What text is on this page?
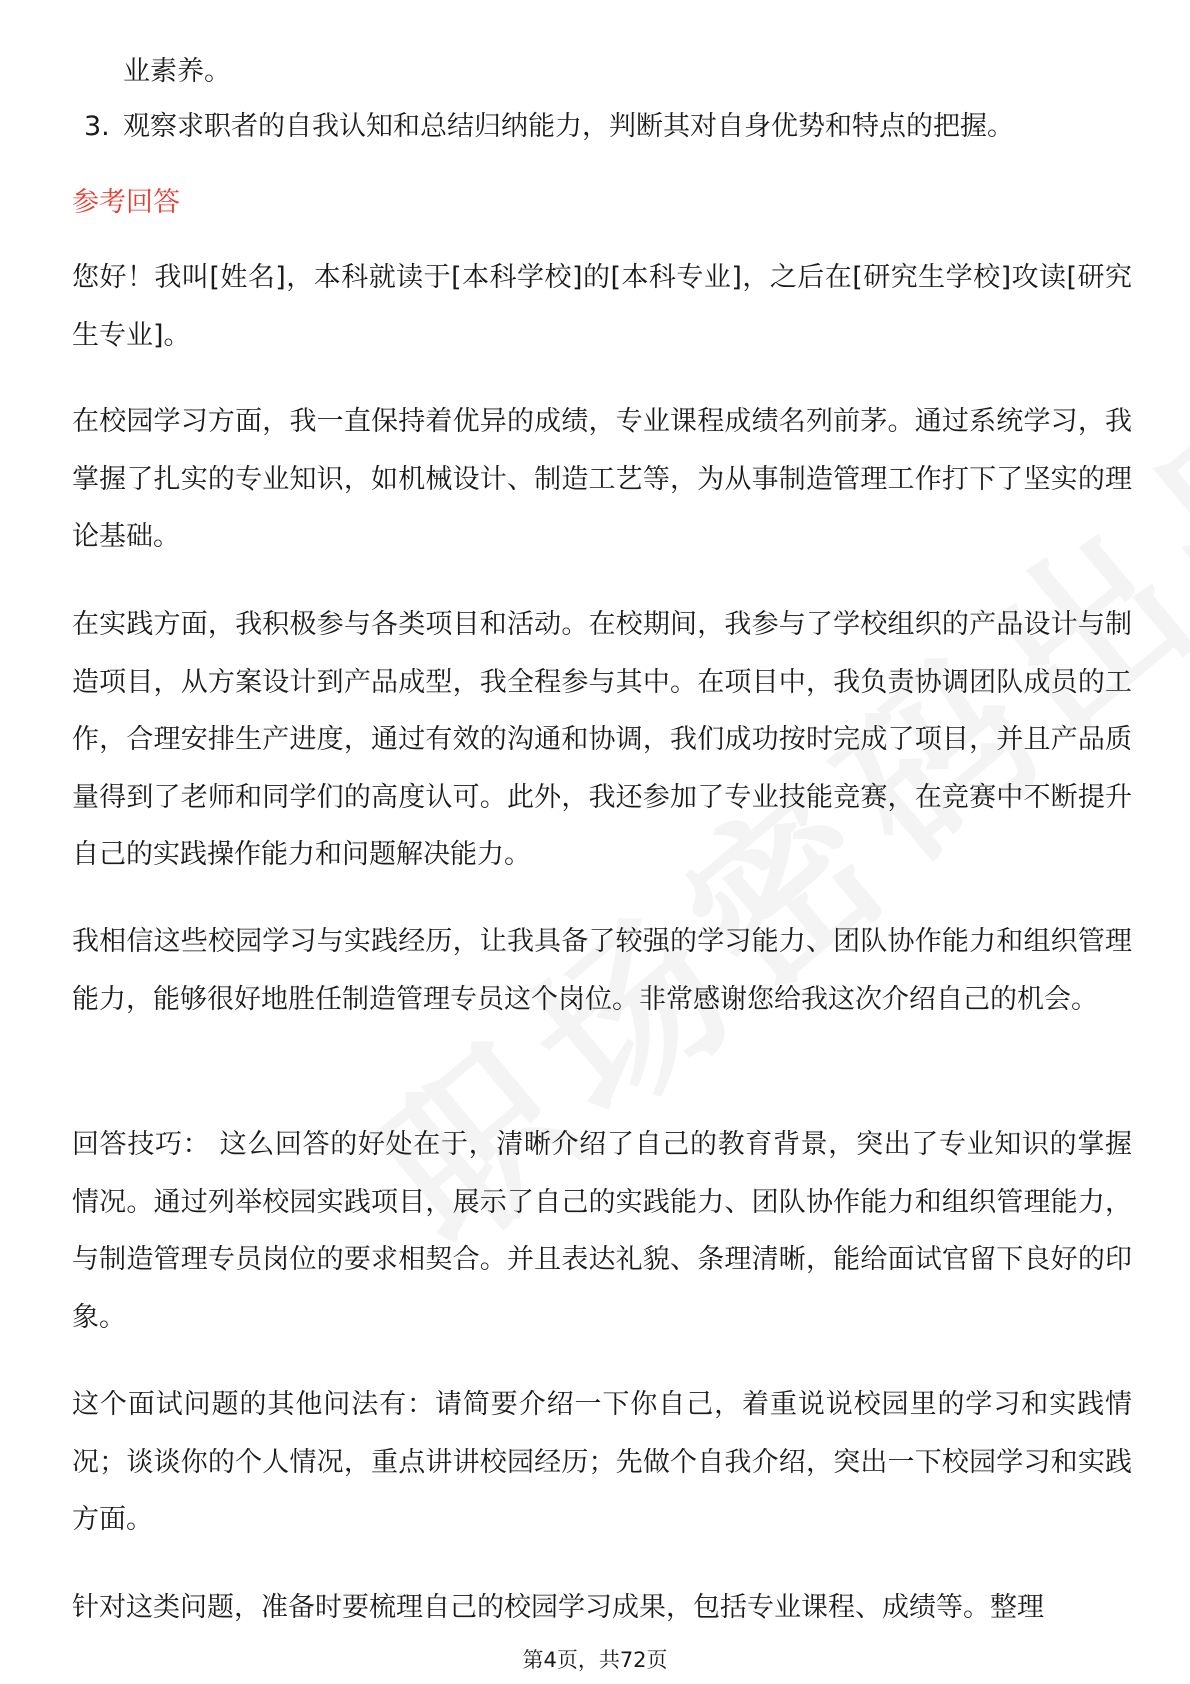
业素养。
3. 观察求职者的自我认知和总结归纳能力，判断其对自身优势和特点的把握。
参考回答
您好！我叫[姓名]，本科就读于[本科学校]的[本科专业]，之后在[研究生学校]攻读[研究生专业]。
在校园学习方面，我一直保持着优异的成绩，专业课程成绩名列前茅。通过系统学习，我掌握了扎实的专业知识，如机械设计、制造工艺等，为从事制造管理工作打下了坚实的理论基础。
在实践方面，我积极参与各类项目和活动。在校期间，我参与了学校组织的产品设计与制造项目，从方案设计到产品成型，我全程参与其中。在项目中，我负责协调团队成员的工作，合理安排生产进度，通过有效的沟通和协调，我们成功按时完成了项目，并且产品质量得到了老师和同学们的高度认可。此外，我还参加了专业技能竞赛，在竞赛中不断提升自己的实践操作能力和问题解决能力。
我相信这些校园学习与实践经历，让我具备了较强的学习能力、团队协作能力和组织管理能力，能够很好地胜任制造管理专员这个岗位。非常感谢您给我这次介绍自己的机会。
回答技巧： 这么回答的好处在于，清晰介绍了自己的教育背景，突出了专业知识的掌握情况。通过列举校园实践项目，展示了自己的实践能力、团队协作能力和组织管理能力，与制造管理专员岗位的要求相契合。并且表达礼貌、条理清晰，能给面试官留下良好的印象。
这个面试问题的其他问法有：请简要介绍一下你自己，着重说说校园里的学习和实践情况；谈谈你的个人情况，重点讲讲校园经历；先做个自我介绍，突出一下校园学习和实践方面。
针对这类问题，准备时要梳理自己的校园学习成果，包括专业课程、成绩等。整理
第4页，共72页
